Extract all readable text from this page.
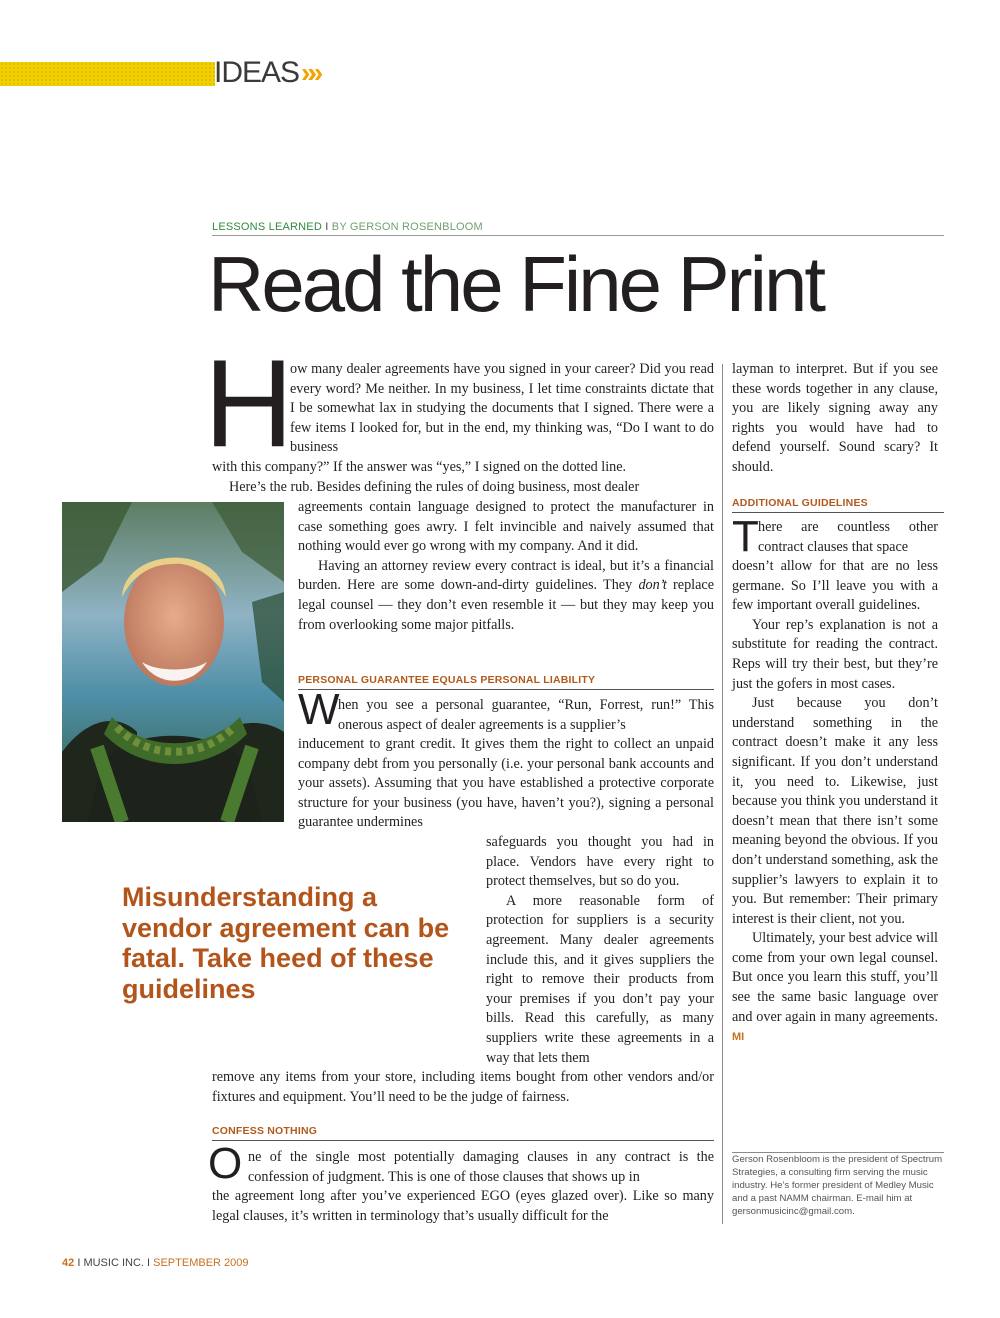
IDEAS»»
LESSONS LEARNED I BY GERSON ROSENBLOOM
Read the Fine Print
H
ow many dealer agreements have you signed in your career? Did you read every word? Me neither. In my business, I let time constraints dictate that I be somewhat lax in studying the documents that I signed. There were a few items I looked for, but in the end, my thinking was, “Do I want to do business
with this company?” If the answer was “yes,” I signed on the dotted line.
Here’s the rub. Besides defining the rules of doing business, most dealer

agreements contain language designed to protect the manufacturer in case something goes awry. I felt invincible and naively assumed that nothing would ever go wrong with my company. And it did.

Having an attorney review every contract is ideal, but it’s a financial burden. Here are some down-and-dirty guidelines. They don’t replace legal counsel — they don’t even resemble it — but they may keep you from overlooking some major pitfalls.

PERSONAL GUARANTEE EQUALS PERSONAL LIABILITY
W
hen you see a personal guarantee, “Run, Forrest, run!” This onerous aspect of dealer agreements is a supplier’s
inducement to grant credit. It gives them the right to collect an unpaid company debt from you personally (i.e. your personal bank accounts and your assets). Assuming that you have established a protective corporate structure for your business (you have, haven’t you?), signing a personal guarantee undermines

safeguards you thought you had in place. Vendors have every right to protect themselves, but so do you.

A more reasonable form of protection for suppliers is a security agreement. Many dealer agreements include this, and it gives suppliers the right to remove their products from your premises if you don’t pay your bills. Read this carefully, as many suppliers write these agreements in a way that lets them

remove any items from your store, including items bought from other vendors and/or fixtures and equipment. You’ll need to be the judge of fairness.
Misunderstanding a vendor agreement can be fatal. Take heed of these guidelines
CONFESS NOTHING
O ne of the single most potentially damaging clauses in any contract is the confession of judgment. This is one of those clauses that shows up in
the agreement long after you’ve experienced EGO (eyes glazed over). Like so many legal clauses, it’s written in terminology that’s usually difficult for the
layman to interpret. But if you see these words together in any clause, you are likely signing away any rights you would have had to defend yourself. Sound scary? It should.
ADDITIONAL GUIDELINES
T here are countless other contract clauses that space

doesn’t allow for that are no less germane. So I’ll leave you with a few important overall guidelines.

Your rep’s explanation is not a substitute for reading the contract. Reps will try their best, but they’re just the gofers in most cases.

Just because you don’t understand something in the contract doesn’t make it any less significant. If you don’t understand it, you need to. Likewise, just because you think you understand it doesn’t mean that there isn’t some meaning beyond the obvious. If you don’t understand something, ask the supplier’s lawyers to explain it to you. But remember: Their primary interest is their client, not you.

Ultimately, your best advice will come from your own legal counsel. But once you learn this stuff, you’ll see the same basic language over and over again in many agreements. MI

Gerson Rosenbloom is the president of Spectrum Strategies, a consulting firm serving the music industry. He’s former president of Medley Music and a past NAMM chairman. E-mail him at gersonmusicinc@gmail.com.
42 I MUSIC INC. I SEPTEMBER 2009
